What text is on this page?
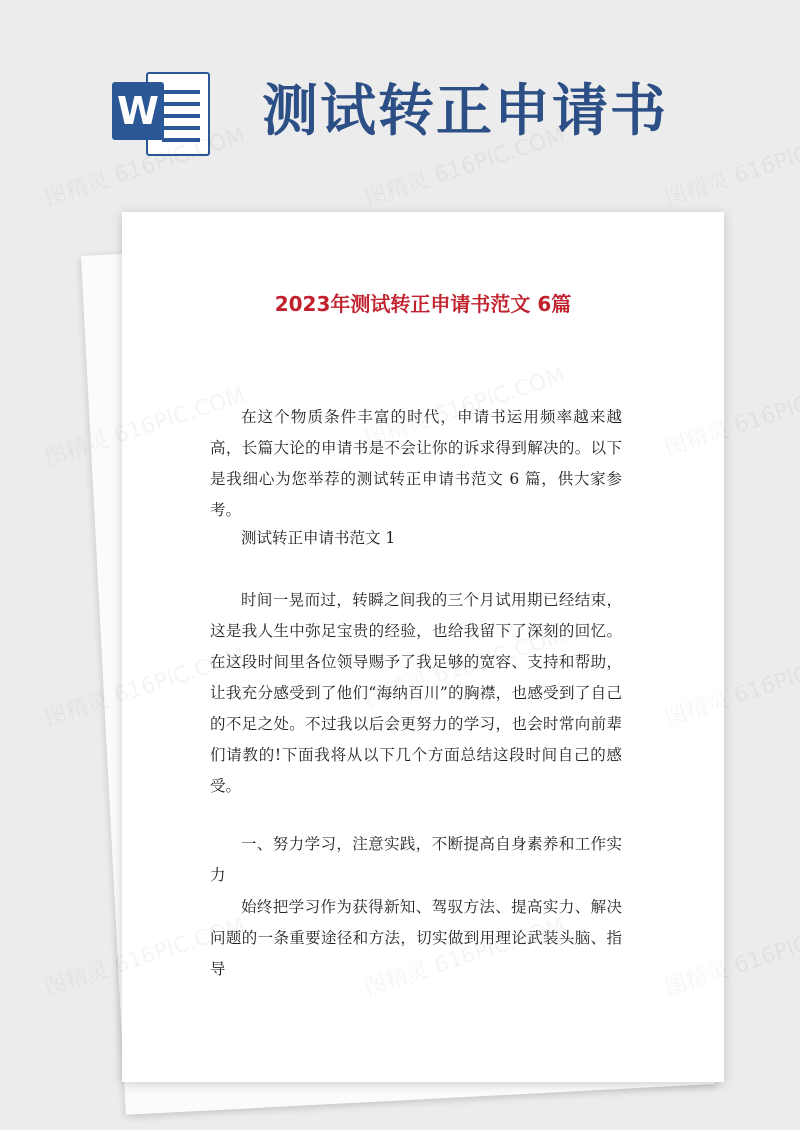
W 测试转正申请书
2023年测试转正申请书范文 6篇

在这个物质条件丰富的时代，申请书运用频率越来越高，长篇大论的申请书是不会让你的诉求得到解决的。以下是我细心为您举荐的测试转正申请书范文 6 篇，供大家参考。

测试转正申请书范文 1

时间一晃而过，转瞬之间我的三个月试用期已经结束，这是我人生中弥足宝贵的经验，也给我留下了深刻的回忆。在这段时间里各位领导赐予了我足够的宽容、支持和帮助，让我充分感受到了他们“海纳百川”的胸襟，也感受到了自己的不足之处。不过我以后会更努力的学习，也会时常向前辈们请教的!下面我将从以下几个方面总结这段时间自己的感受。

一、努力学习，注意实践，不断提高自身素养和工作实力

始终把学习作为获得新知、驾驭方法、提高实力、解决问题的一条重要途径和方法，切实做到用理论武装头脑、指导
